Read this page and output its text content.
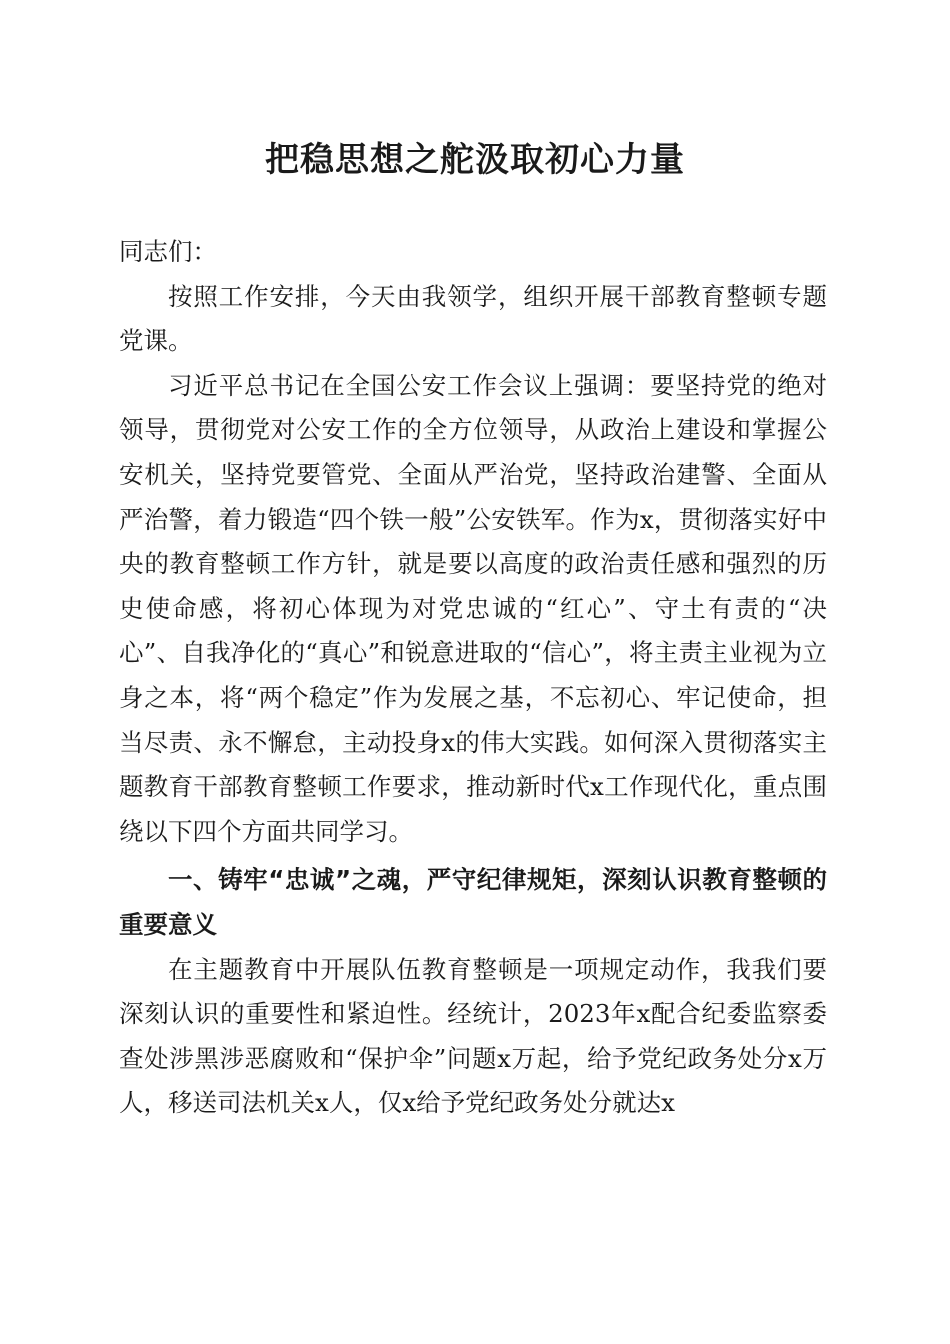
把稳思想之舵汲取初心力量

同志们：

按照工作安排，今天由我领学，组织开展干部教育整顿专题党课。

习近平总书记在全国公安工作会议上强调：要坚持党的绝对领导，贯彻党对公安工作的全方位领导，从政治上建设和掌握公安机关，坚持党要管党、全面从严治党，坚持政治建警、全面从严治警，着力锻造“四个铁一般”公安铁军。作为x，贯彻落实好中央的教育整顿工作方针，就是要以高度的政治责任感和强烈的历史使命感，将初心体现为对党忠诚的“红心”、守土有责的“决心”、自我净化的“真心”和锐意进取的“信心”，将主责主业视为立身之本，将“两个稳定”作为发展之基，不忘初心、牢记使命，担当尽责、永不懈怠，主动投身x的伟大实践。如何深入贯彻落实主题教育干部教育整顿工作要求，推动新时代x工作现代化，重点围绕以下四个方面共同学习。

一、铸牢“忠诚”之魂，严守纪律规矩，深刻认识教育整顿的重要意义

在主题教育中开展队伍教育整顿是一项规定动作，我我们要深刻认识的重要性和紧迫性。经统计，2023年x配合纪委监察委查处涉黑涉恶腐败和“保护伞”问题x万起，给予党纪政务处分x万人，移送司法机关x人，仅x给予党纪政务处分就达x
